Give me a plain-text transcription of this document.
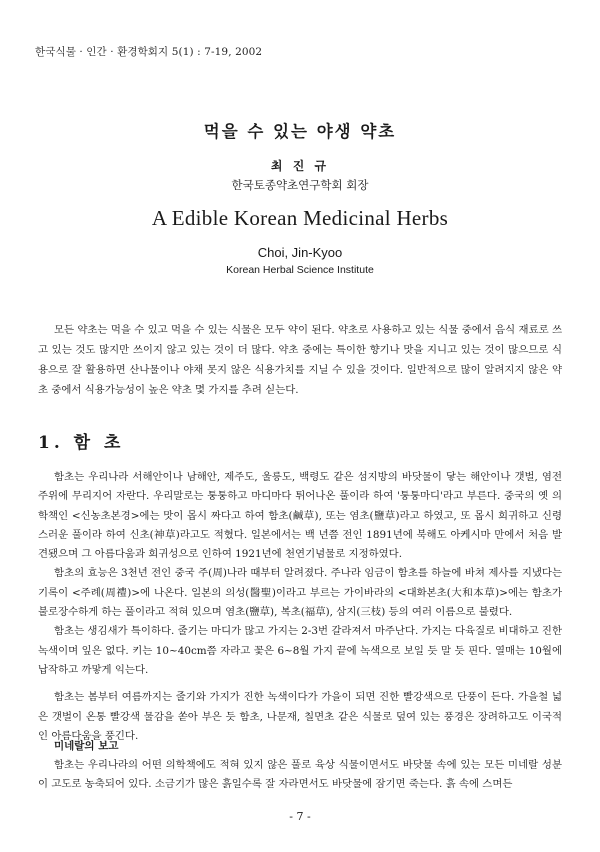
한국식물 · 인간 · 환경학회지 5(1) : 7-19, 2002
먹을 수 있는 야생 약초
최 진 규
한국토종약초연구학회 회장
A Edible Korean Medicinal Herbs
Choi, Jin-Kyoo
Korean Herbal Science Institute

모든 약초는 먹을 수 있고 먹을 수 있는 식물은 모두 약이 된다. 약초로 사용하고 있는 식물 중에서 음식 재료로 쓰고 있는 것도 많지만 쓰이지 않고 있는 것이 더 많다. 약초 중에는 특이한 향기나 맛을 지니고 있는 것이 많으므로 식용으로 잘 활용하면 산나물이나 야채 못지 않은 식용가치를 지닐 수 있을 것이다. 일반적으로 많이 알려지지 않은 약초 중에서 식용가능성이 높은 약초 몇 가지를 추려 싣는다.

1. 함 초

함초는 우리나라 서해안이나 남해안, 제주도, 울릉도, 백령도 같은 섬지방의 바닷물이 닿는 해안이나 갯벌, 염전 주위에 무리지어 자란다. 우리말로는 퉁퉁하고 마디마다 튀어나온 풀이라 하여 '퉁퉁마디'라고 부른다. 중국의 옛 의학책인 <신농초본경>에는 맛이 몹시 짜다고 하여 함초(鹹草), 또는 염초(鹽草)라고 하였고, 또 몹시 희귀하고 신령스러운 풀이라 하여 신초(神草)라고도 적혔다. 일본에서는 백 년쯤 전인 1891년에 북해도 아케시마 만에서 처음 발견됐으며 그 아름다움과 희귀성으로 인하여 1921년에 천연기념물로 지정하였다.

함초의 효능은 3천년 전인 중국 주(周)나라 때부터 알려졌다. 주나라 임금이 함초를 하늘에 바쳐 제사를 지냈다는 기록이 <주례(周禮)>에 나온다. 일본의 의성(醫聖)이라고 부르는 가이바라의 <대화본초(大和本草)>에는 함초가 불로장수하게 하는 풀이라고 적혀 있으며 염초(鹽草), 복초(福草), 삼지(三枝) 등의 여러 이름으로 불렸다.

함초는 생김새가 특이하다. 줄기는 마디가 많고 가지는 2-3번 갈라져서 마주난다. 가지는 다육질로 비대하고 진한 녹색이며 잎은 없다. 키는 10~40cm쯤 자라고 꽃은 6~8월 가지 끝에 녹색으로 보일 듯 말 듯 핀다. 열매는 10월에 납작하고 까맣게 익는다.

함초는 봄부터 여름까지는 줄기와 가지가 진한 녹색이다가 가을이 되면 진한 빨강색으로 단풍이 든다. 가을철 넓은 갯벌이 온통 빨강색 물감을 쏟아 부은 듯 함초, 나문재, 칠면초 같은 식물로 덮여 있는 풍경은 장려하고도 이국적인 아름다움을 풍긴다.

미네랄의 보고

함초는 우리나라의 어떤 의학책에도 적혀 있지 않은 풀로 육상 식물이면서도 바닷물 속에 있는 모든 미네랄 성분이 고도로 농축되어 있다. 소금기가 많은 흙일수록 잘 자라면서도 바닷물에 잠기면 죽는다. 흙 속에 스며든

- 7 -
